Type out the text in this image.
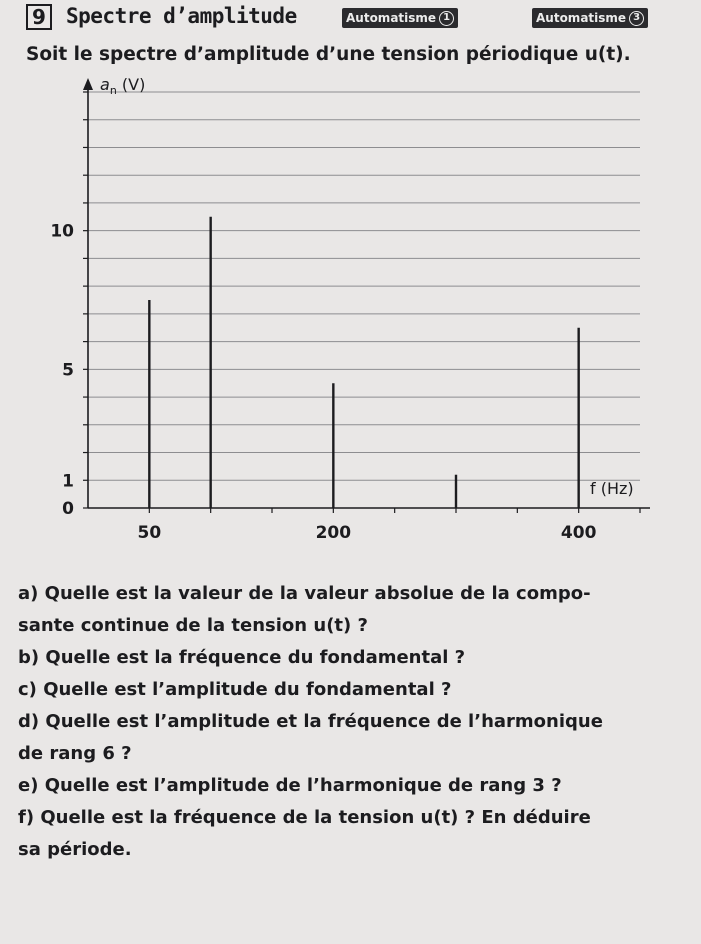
9 Spectre d’amplitude	Automatisme 1	Automatisme 3
Soit le spectre d’amplitude d’une tension périodique u(t).
0
1
5
10
50	200	400
$a_n$ (V)
f (Hz)

a) Quelle est la valeur de la valeur absolue de la compo-

sante continue de la tension u(t) ?

b) Quelle est la fréquence du fondamental ?

c) Quelle est l’amplitude du fondamental ?

d) Quelle est l’amplitude et la fréquence de l’harmonique

de rang 6 ?

e) Quelle est l’amplitude de l’harmonique de rang 3 ?

f) Quelle est la fréquence de la tension u(t) ? En déduire

sa période.
